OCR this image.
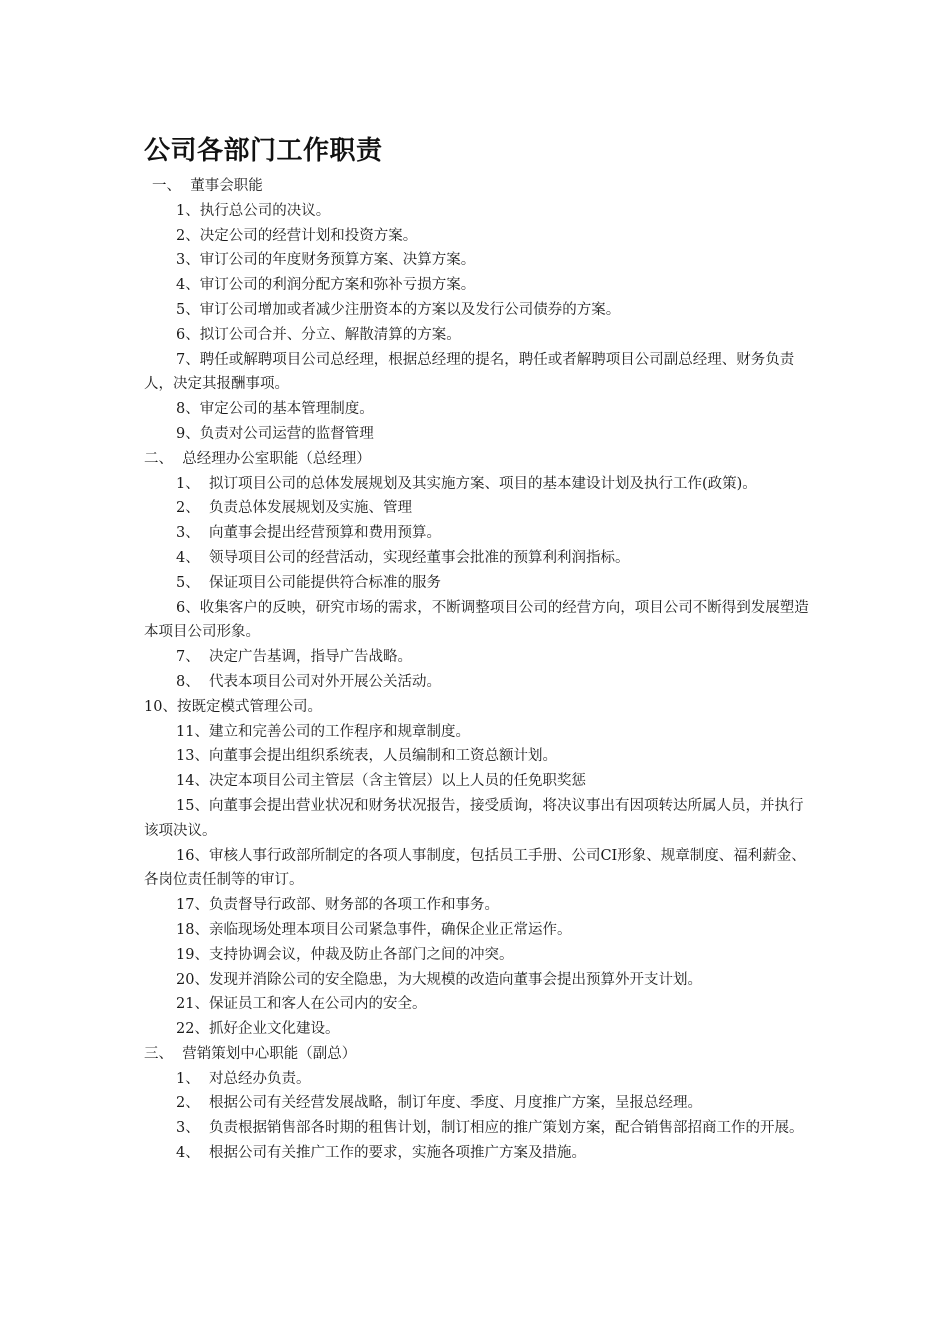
公司各部门工作职责

一、  董事会职能

1、执行总公司的决议。

2、决定公司的经营计划和投资方案。

3、审订公司的年度财务预算方案、决算方案。

4、审订公司的利润分配方案和弥补亏损方案。

5、审订公司增加或者减少注册资本的方案以及发行公司债券的方案。

6、拟订公司合并、分立、解散清算的方案。

7、聘任或解聘项目公司总经理，根据总经理的提名，聘任或者解聘项目公司副总经理、财务负责人，决定其报酬事项。

8、审定公司的基本管理制度。

9、负责对公司运营的监督管理

二、  总经理办公室职能（总经理）

1、  拟订项目公司的总体发展规划及其实施方案、项目的基本建设计划及执行工作(政策)。

2、  负责总体发展规划及实施、管理

3、  向董事会提出经营预算和费用预算。

4、  领导项目公司的经营活动，实现经董事会批准的预算利利润指标。

5、  保证项目公司能提供符合标准的服务

6、收集客户的反映，研究市场的需求，不断调整项目公司的经营方向，项目公司不断得到发展塑造本项目公司形象。

7、  决定广告基调，指导广告战略。

8、  代表本项目公司对外开展公关活动。

10、按既定模式管理公司。

11、建立和完善公司的工作程序和规章制度。

13、向董事会提出组织系统表，人员编制和工资总额计划。

14、决定本项目公司主管层（含主管层）以上人员的任免职奖惩

15、向董事会提出营业状况和财务状况报告，接受质询，将决议事出有因项转达所属人员，并执行该项决议。

16、审核人事行政部所制定的各项人事制度，包括员工手册、公司CI形象、规章制度、福利薪金、各岗位责任制等的审订。

17、负责督导行政部、财务部的各项工作和事务。

18、亲临现场处理本项目公司紧急事件，确保企业正常运作。

19、支持协调会议，仲裁及防止各部门之间的冲突。

20、发现并消除公司的安全隐患，为大规模的改造向董事会提出预算外开支计划。

21、保证员工和客人在公司内的安全。

22、抓好企业文化建设。

三、  营销策划中心职能（副总）

1、  对总经办负责。

2、  根据公司有关经营发展战略，制订年度、季度、月度推广方案，呈报总经理。

3、  负责根据销售部各时期的租售计划，制订相应的推广策划方案，配合销售部招商工作的开展。

4、  根据公司有关推广工作的要求，实施各项推广方案及措施。
